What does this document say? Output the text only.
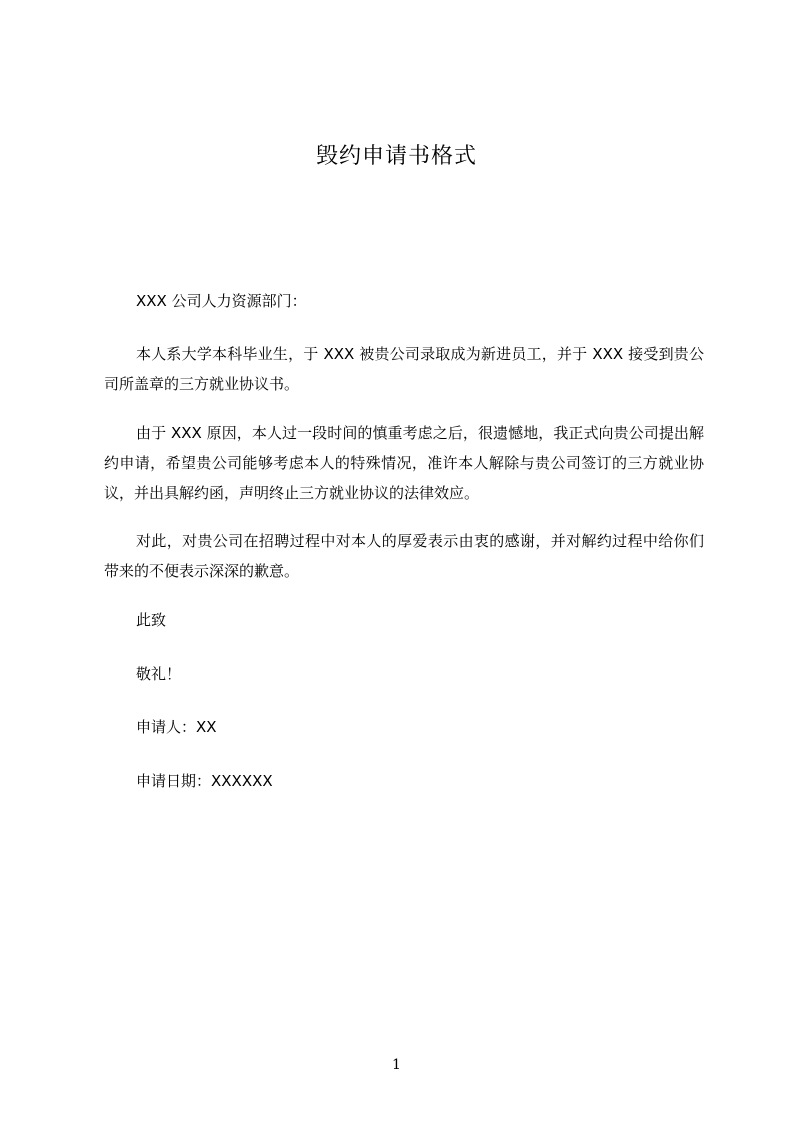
毁约申请书格式
XXX 公司人力资源部门：
本人系大学本科毕业生，于 XXX 被贵公司录取成为新进员工，并于 XXX 接受到贵公司所盖章的三方就业协议书。
由于 XXX 原因，本人过一段时间的慎重考虑之后，很遗憾地，我正式向贵公司提出解约申请，希望贵公司能够考虑本人的特殊情况，准许本人解除与贵公司签订的三方就业协议，并出具解约函，声明终止三方就业协议的法律效应。
对此，对贵公司在招聘过程中对本人的厚爱表示由衷的感谢，并对解约过程中给你们带来的不便表示深深的歉意。
此致
敬礼！
申请人：XX
申请日期：XXXXXX
1
